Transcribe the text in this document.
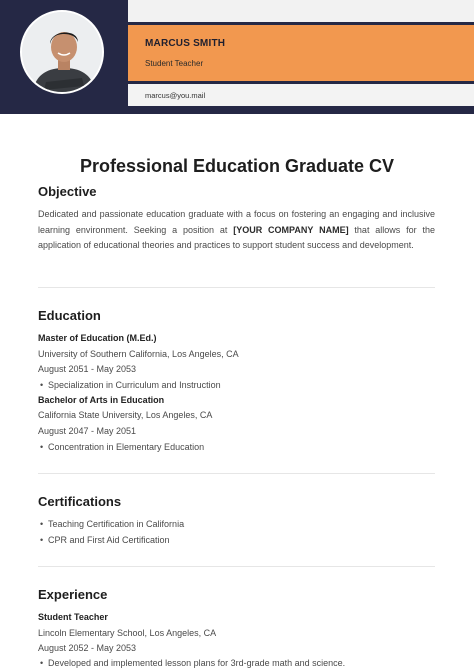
MARCUS SMITH
Student Teacher
marcus@you.mail
Professional Education Graduate CV
Objective
Dedicated and passionate education graduate with a focus on fostering an engaging and inclusive learning environment. Seeking a position at [YOUR COMPANY NAME] that allows for the application of educational theories and practices to support student success and development.
Education
Master of Education (M.Ed.)
University of Southern California, Los Angeles, CA
August 2051 - May 2053
• Specialization in Curriculum and Instruction
Bachelor of Arts in Education
California State University, Los Angeles, CA
August 2047 - May 2051
• Concentration in Elementary Education
Certifications
• Teaching Certification in California
• CPR and First Aid Certification
Experience
Student Teacher
Lincoln Elementary School, Los Angeles, CA
August 2052 - May 2053
• Developed and implemented lesson plans for 3rd-grade math and science.
